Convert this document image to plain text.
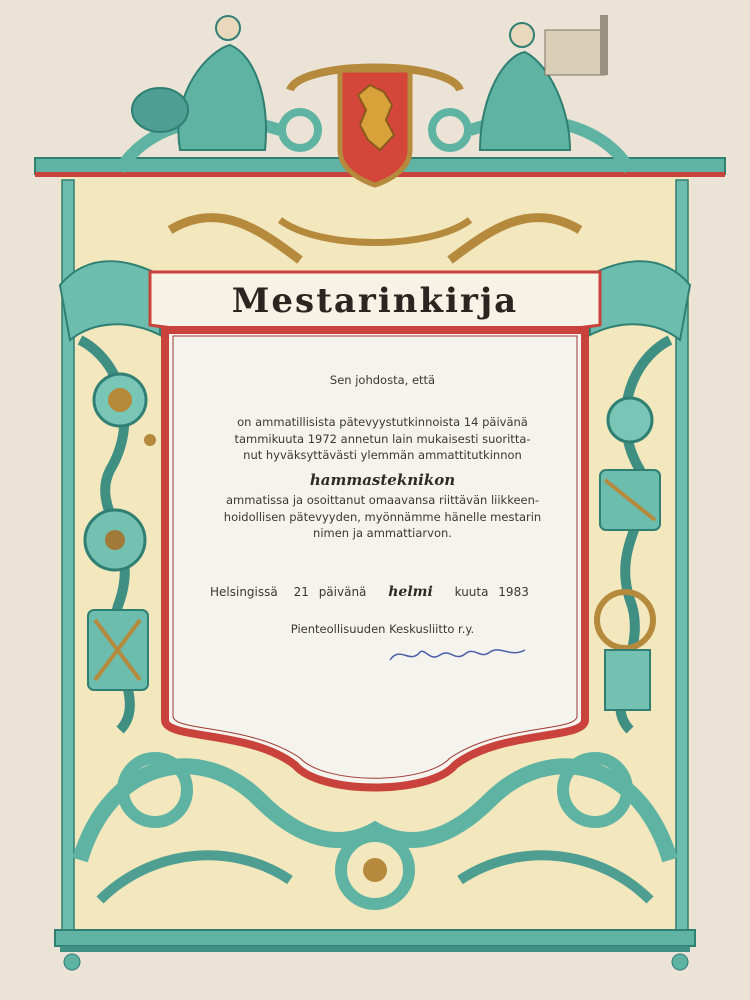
Mestarinkirja
Sen johdosta, että
on ammatillisista pätevyystutkinnoista 14 päivänä
tammikuuta 1972 annetun lain mukaisesti suoritta-
nut hyväksyttävästi ylemmän ammattitutkinnon
hammasteknikon
ammatissa ja osoittanut omaavansa riittävän liikkeen-
hoidollisen pätevyyden, myönnämme hänelle mestarin
nimen ja ammattiarvon.
Helsingissä 21 päivänä helmi kuuta 1983
Pienteollisuuden Keskusliitto r.y.
